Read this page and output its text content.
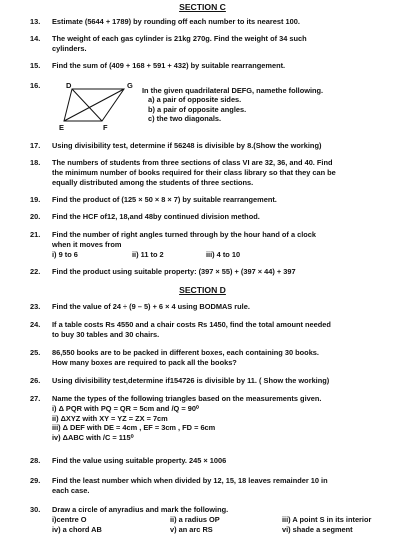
SECTION C
13.	Estimate (5644 + 1789) by rounding off each number to its nearest 100.
14.	The weight of each gas cylinder is 21kg 270g. Find the weight of 34 such
cylinders.
15.	Find the sum of (409 + 168 + 591 + 432) by suitable rearrangement.
16.	D	G
E	F
In the given quadrilateral DEFG, namethe following.
a) a pair of opposite sides.
b) a pair of opposite angles.
c) the two diagonals.
17.	Using divisibility test, determine if 56248 is divisible by 8.(Show the working)
18.	The numbers of students from three sections of class VI are 32, 36, and 40. Find
the minimum number of books required for their class library so that they can be
equally distributed among the students of three sections.
19.	Find the product of (125 × 50 × 8 × 7) by suitable rearrangement.
20.	Find the HCF of12, 18,and 48by continued division method.
21.	Find the number of right angles turned through by the hour hand of a clock
when it moves from
i) 9 to 6	ii) 11 to 2	iii) 4 to 10
22.	Find the product using suitable property: (397 × 55) + (397 × 44) + 397
SECTION D
23.	Find the value of 24 ÷ (9 – 5) + 6 × 4 using BODMAS rule.
24.	If a table costs Rs 4550 and a chair costs Rs 1450, find the total amount needed
to buy 30 tables and 30 chairs.
25.	86,550 books are to be packed in different boxes, each containing 30 books.
How many boxes are required to pack all the books?
26.	Using divisibility test,determine if154726 is divisible by 11. ( Show the working)
27.	Name the types of the following triangles based on the measurements given.
i) Δ PQR with PQ = QR = 5cm and /Q = 90⁰
ii) ΔXYZ with XY = YZ = ZX = 7cm
iii) Δ DEF with DE = 4cm , EF = 3cm , FD = 6cm
iv) ΔABC with /C = 115⁰
28.	Find the value using suitable property. 245 × 1006
29.	Find the least number which when divided by 12, 15, 18 leaves remainder 10 in
each case.
30.	Draw a circle of anyradius and mark the following.
i)centre O	ii) a radius OP	iii) A point S in its interior
iv) a chord AB	v) an arc RS	vi) shade a segment
